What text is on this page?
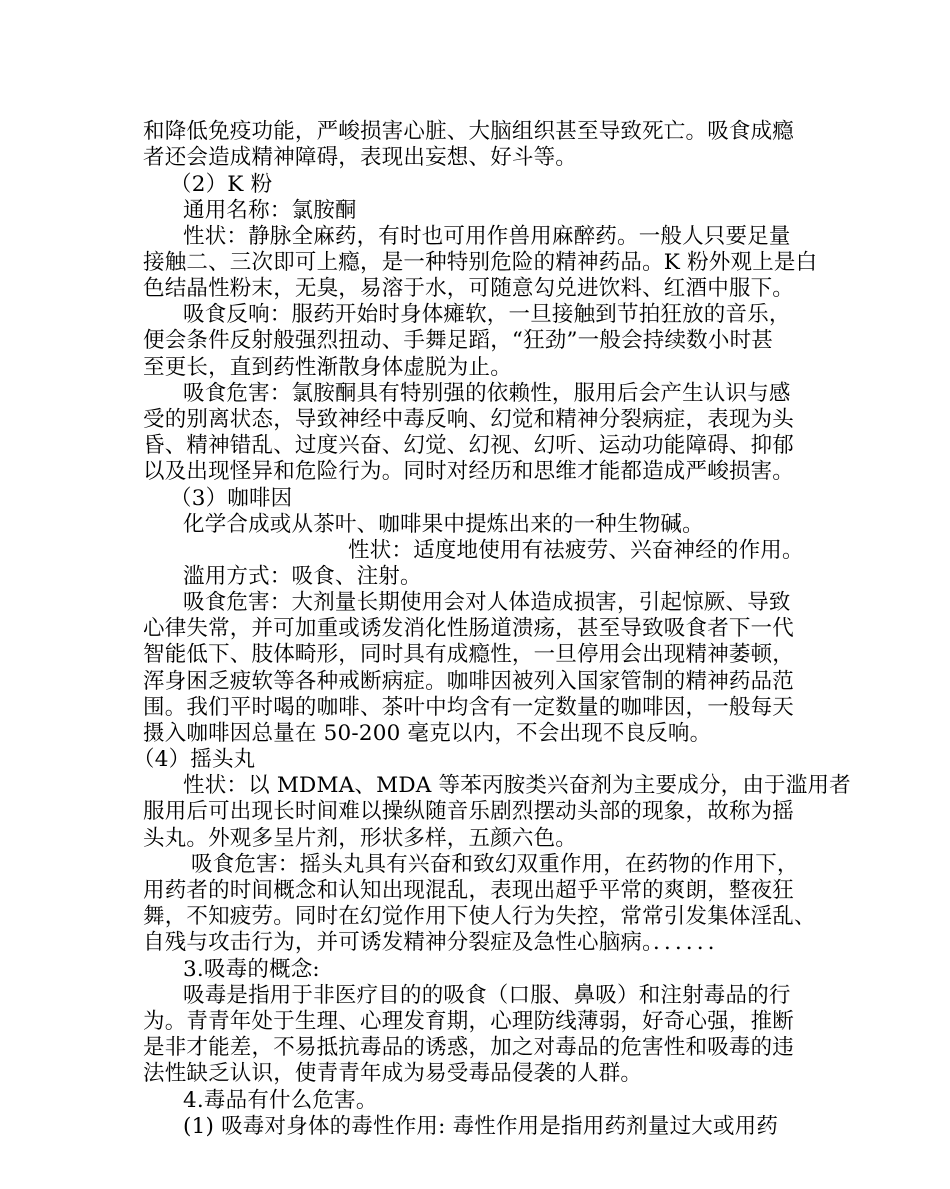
和降低免疫功能，严峻损害心脏、大脑组织甚至导致死亡。吸食成瘾
者还会造成精神障碍，表现出妄想、好斗等。
（2）K 粉
通用名称：氯胺酮
性状：静脉全麻药，有时也可用作兽用麻醉药。一般人只要足量
接触二、三次即可上瘾，是一种特别危险的精神药品。K 粉外观上是白
色结晶性粉末，无臭，易溶于水，可随意勾兑进饮料、红酒中服下。
吸食反响：服药开始时身体瘫软，一旦接触到节拍狂放的音乐，
便会条件反射般强烈扭动、手舞足蹈，“狂劲”一般会持续数小时甚
至更长，直到药性渐散身体虚脱为止。
吸食危害：氯胺酮具有特别强的依赖性，服用后会产生认识与感
受的别离状态，导致神经中毒反响、幻觉和精神分裂病症，表现为头
昏、精神错乱、过度兴奋、幻觉、幻视、幻听、运动功能障碍、抑郁
以及出现怪异和危险行为。同时对经历和思维才能都造成严峻损害。
（3）咖啡因
化学合成或从茶叶、咖啡果中提炼出来的一种生物碱。
性状：适度地使用有祛疲劳、兴奋神经的作用。
滥用方式：吸食、注射。
吸食危害：大剂量长期使用会对人体造成损害，引起惊厥、导致
心律失常，并可加重或诱发消化性肠道溃疡，甚至导致吸食者下一代
智能低下、肢体畸形，同时具有成瘾性，一旦停用会出现精神萎顿，
浑身困乏疲软等各种戒断病症。咖啡因被列入国家管制的精神药品范
围。我们平时喝的咖啡、茶叶中均含有一定数量的咖啡因，一般每天
摄入咖啡因总量在 50-200 毫克以内，不会出现不良反响。
（4）摇头丸
性状：以 MDMA、MDA 等苯丙胺类兴奋剂为主要成分，由于滥用者
服用后可出现长时间难以操纵随音乐剧烈摆动头部的现象，故称为摇
头丸。外观多呈片剂，形状多样，五颜六色。
吸食危害：摇头丸具有兴奋和致幻双重作用，在药物的作用下，
用药者的时间概念和认知出现混乱，表现出超乎平常的爽朗，整夜狂
舞，不知疲劳。同时在幻觉作用下使人行为失控，常常引发集体淫乱、
自残与攻击行为，并可诱发精神分裂症及急性心脑病。．．．．．．
3.吸毒的概念:
吸毒是指用于非医疗目的的吸食（口服、鼻吸）和注射毒品的行
为。青青年处于生理、心理发育期，心理防线薄弱，好奇心强，推断
是非才能差，不易抵抗毒品的诱惑，加之对毒品的危害性和吸毒的违
法性缺乏认识，使青青年成为易受毒品侵袭的人群。
4.毒品有什么危害。
(1) 吸毒对身体的毒性作用: 毒性作用是指用药剂量过大或用药
